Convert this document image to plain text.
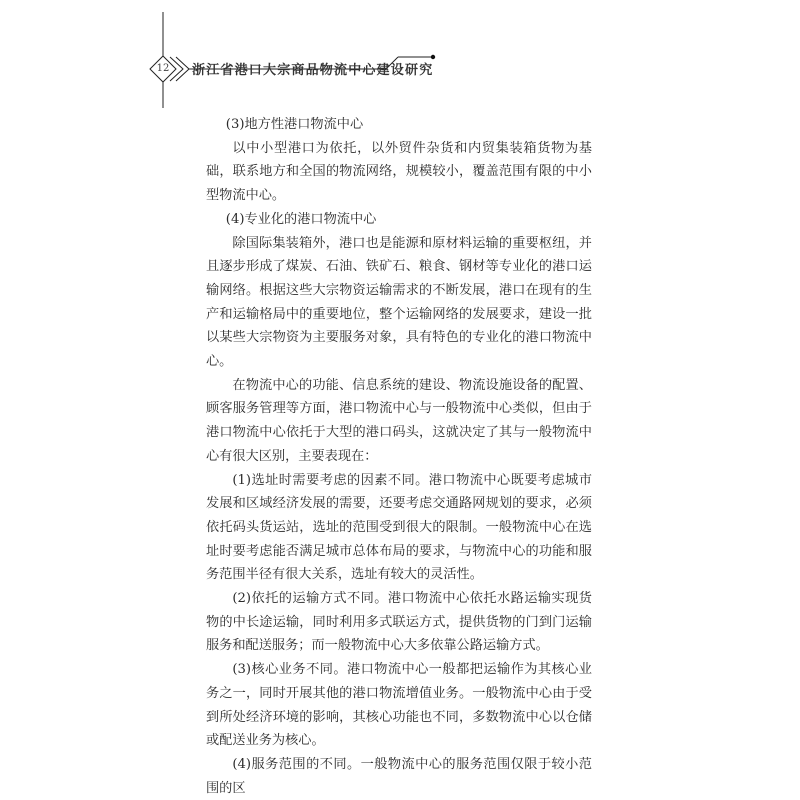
12	浙江省港口大宗商品物流中心建设研究

(3)地方性港口物流中心

以中小型港口为依托，以外贸件杂货和内贸集装箱货物为基础，联系地方和全国的物流网络，规模较小，覆盖范围有限的中小型物流中心。

(4)专业化的港口物流中心

除国际集装箱外，港口也是能源和原材料运输的重要枢纽，并且逐步形成了煤炭、石油、铁矿石、粮食、钢材等专业化的港口运输网络。根据这些大宗物资运输需求的不断发展，港口在现有的生产和运输格局中的重要地位，整个运输网络的发展要求，建设一批以某些大宗物资为主要服务对象，具有特色的专业化的港口物流中心。

在物流中心的功能、信息系统的建设、物流设施设备的配置、顾客服务管理等方面，港口物流中心与一般物流中心类似，但由于港口物流中心依托于大型的港口码头，这就决定了其与一般物流中心有很大区别，主要表现在：

(1)选址时需要考虑的因素不同。港口物流中心既要考虑城市发展和区域经济发展的需要，还要考虑交通路网规划的要求，必须依托码头货运站，选址的范围受到很大的限制。一般物流中心在选址时要考虑能否满足城市总体布局的要求，与物流中心的功能和服务范围半径有很大关系，选址有较大的灵活性。

(2)依托的运输方式不同。港口物流中心依托水路运输实现货物的中长途运输，同时利用多式联运方式，提供货物的门到门运输服务和配送服务；而一般物流中心大多依靠公路运输方式。

(3)核心业务不同。港口物流中心一般都把运输作为其核心业务之一，同时开展其他的港口物流增值业务。一般物流中心由于受到所处经济环境的影响，其核心功能也不同，多数物流中心以仓储或配送业务为核心。

(4)服务范围的不同。一般物流中心的服务范围仅限于较小范围的区
